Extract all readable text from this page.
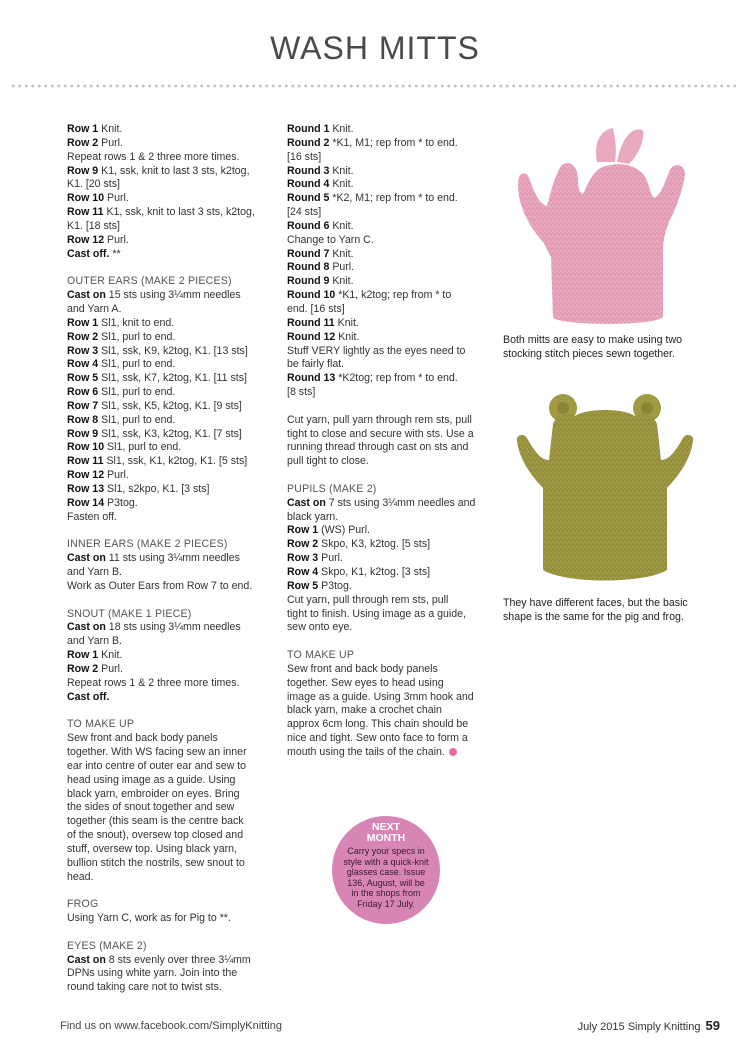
WASH MITTS
Row 1 Knit.
Row 2 Purl.
Repeat rows 1 & 2 three more times.
Row 9 K1, ssk, knit to last 3 sts, k2tog,
K1. [20 sts]
Row 10 Purl.
Row 11 K1, ssk, knit to last 3 sts, k2tog,
K1. [18 sts]
Row 12 Purl.
Cast off. **
OUTER EARS (MAKE 2 PIECES)
Cast on 15 sts using 3¼mm needles
and Yarn A.
Row 1 Sl1, knit to end.
Row 2 Sl1, purl to end.
Row 3 Sl1, ssk, K9, k2tog, K1. [13 sts]
Row 4 Sl1, purl to end.
Row 5 Sl1, ssk, K7, k2tog, K1. [11 sts]
Row 6 Sl1, purl to end.
Row 7 Sl1, ssk, K5, k2tog, K1. [9 sts]
Row 8 Sl1, purl to end.
Row 9 Sl1, ssk, K3, k2tog, K1. [7 sts]
Row 10 Sl1, purl to end.
Row 11 Sl1, ssk, K1, k2tog, K1. [5 sts]
Row 12 Purl.
Row 13 Sl1, s2kpo, K1. [3 sts]
Row 14 P3tog.
Fasten off.
INNER EARS (MAKE 2 PIECES)
Cast on 11 sts using 3¼mm needles
and Yarn B.
Work as Outer Ears from Row 7 to end.
SNOUT (MAKE 1 PIECE)
Cast on 18 sts using 3¼mm needles
and Yarn B.
Row 1 Knit.
Row 2 Purl.
Repeat rows 1 & 2 three more times.
Cast off.
TO MAKE UP
Sew front and back body panels
together. With WS facing sew an inner
ear into centre of outer ear and sew to
head using image as a guide. Using
black yarn, embroider on eyes. Bring
the sides of snout together and sew
together (this seam is the centre back
of the snout), oversew top closed and
stuff, oversew top. Using black yarn,
bullion stitch the nostrils, sew snout to
head.
FROG
Using Yarn C, work as for Pig to **.
EYES (MAKE 2)
Cast on 8 sts evenly over three 3¼mm
DPNs using white yarn. Join into the
round taking care not to twist sts.
Round 1 Knit.
Round 2 *K1, M1; rep from * to end.
[16 sts]
Round 3 Knit.
Round 4 Knit.
Round 5 *K2, M1; rep from * to end.
[24 sts]
Round 6 Knit.
Change to Yarn C.
Round 7 Knit.
Round 8 Purl.
Round 9 Knit.
Round 10 *K1, k2tog; rep from * to
end. [16 sts]
Round 11 Knit.
Round 12 Knit.
Stuff VERY lightly as the eyes need to
be fairly flat.
Round 13 *K2tog; rep from * to end.
[8 sts]
Cut yarn, pull yarn through rem sts, pull
tight to close and secure with sts. Use a
running thread through cast on sts and
pull tight to close.
PUPILS (MAKE 2)
Cast on 7 sts using 3¼mm needles and
black yarn.
Row 1 (WS) Purl.
Row 2 Skpo, K3, k2tog. [5 sts]
Row 3 Purl.
Row 4 Skpo, K1, k2tog. [3 sts]
Row 5 P3tog.
Cut yarn, pull through rem sts, pull
tight to finish. Using image as a guide,
sew onto eye.
TO MAKE UP
Sew front and back body panels
together. Sew eyes to head using
image as a guide. Using 3mm hook and
black yarn, make a crochet chain
approx 6cm long. This chain should be
nice and tight. Sew onto face to form a
mouth using the tails of the chain.
Both mitts are easy to make using two stocking stitch pieces sewn together.
They have different faces, but the basic shape is the same for the pig and frog.
NEXT
MONTH
Carry your specs in
style with a quick-knit
glasses case. Issue
136, August, will be
in the shops from
Friday 17 July.
Find us on www.facebook.com/SimplyKnitting	July 2015 Simply Knitting 59
